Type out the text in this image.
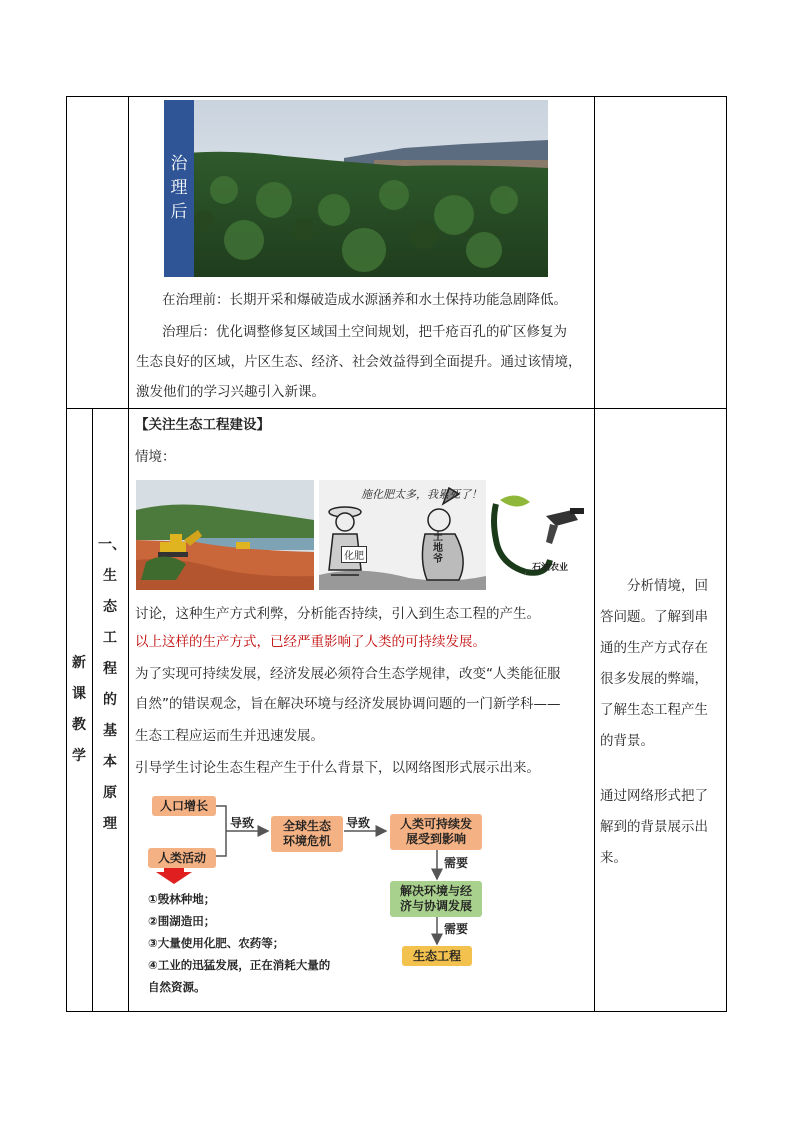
治
理
后
在治理前：长期开采和爆破造成水源涵养和水土保持功能急剧降低。
治理后：优化调整修复区域国土空间规划，把千疮百孔的矿区修复为
生态良好的区域，片区生态、经济、社会效益得到全面提升。通过该情境，
激发他们的学习兴趣引入新课。
新
课
教
学
一、
生
态
工
程
的
基
本
原
理
【关注生态工程建设】
情境：
施化肥太多，我累死了！
化肥
土地爷
石油农业
讨论，这种生产方式利弊，分析能否持续，引入到生态工程的产生。
以上这样的生产方式，已经严重影响了人类的可持续发展。
为了实现可持续发展，经济发展必须符合生态学规律，改变“人类能征服
自然”的错误观念，旨在解决环境与经济发展协调问题的一门新学科——
生态工程应运而生并迅速发展。
引导学生讨论生态生程产生于什么背景下，以网络图形式展示出来。
人口增长
人类活动
导致	导致
全球生态
环境危机
人类可持续发
展受到影响
需要
解决环境与经
济与协调发展
需要
生态工程
①毁林种地；
②围湖造田；
③大量使用化肥、农药等；
④工业的迅猛发展，正在消耗大量的
自然资源。
　　分析情境，回
答问题。了解到串
通的生产方式存在
很多发展的弊端，
了解生态工程产生
的背景。
通过网络形式把了
解到的背景展示出
来。
